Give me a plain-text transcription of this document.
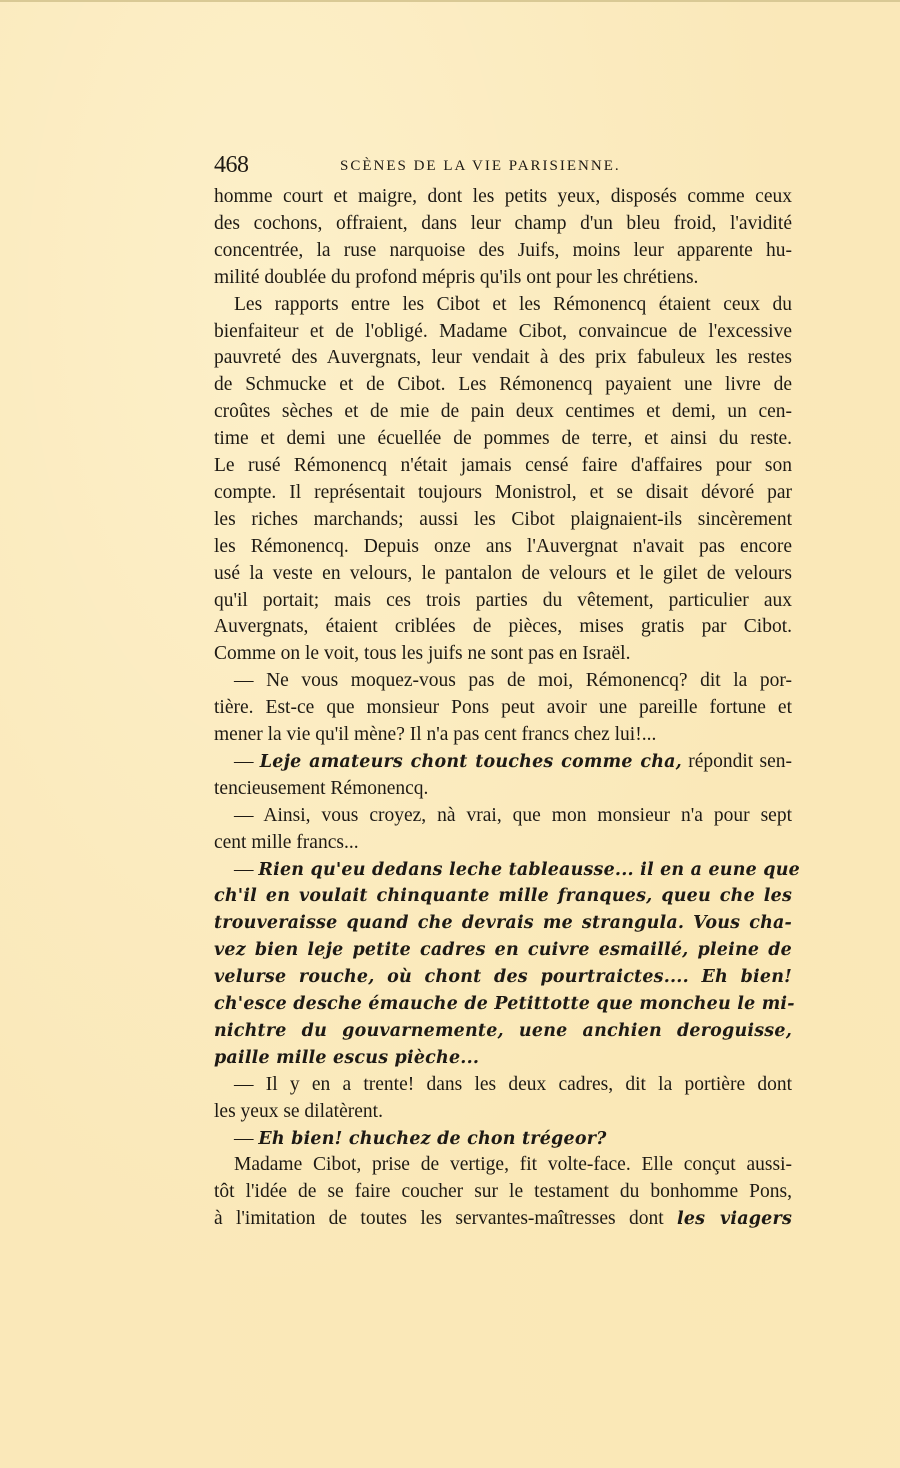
468	SCÈNES DE LA VIE PARISIENNE.
homme court et maigre, dont les petits yeux, disposés comme ceux
des cochons, offraient, dans leur champ d'un bleu froid, l'avidité
concentrée, la ruse narquoise des Juifs, moins leur apparente hu-
milité doublée du profond mépris qu'ils ont pour les chrétiens.
Les rapports entre les Cibot et les Rémonencq étaient ceux du
bienfaiteur et de l'obligé. Madame Cibot, convaincue de l'excessive
pauvreté des Auvergnats, leur vendait à des prix fabuleux les restes
de Schmucke et de Cibot. Les Rémonencq payaient une livre de
croûtes sèches et de mie de pain deux centimes et demi, un cen-
time et demi une écuellée de pommes de terre, et ainsi du reste.
Le rusé Rémonencq n'était jamais censé faire d'affaires pour son
compte. Il représentait toujours Monistrol, et se disait dévoré par
les riches marchands; aussi les Cibot plaignaient-ils sincèrement
les Rémonencq. Depuis onze ans l'Auvergnat n'avait pas encore
usé la veste en velours, le pantalon de velours et le gilet de velours
qu'il portait; mais ces trois parties du vêtement, particulier aux
Auvergnats, étaient criblées de pièces, mises gratis par Cibot.
Comme on le voit, tous les juifs ne sont pas en Israël.
— Ne vous moquez-vous pas de moi, Rémonencq? dit la por-
tière. Est-ce que monsieur Pons peut avoir une pareille fortune et
mener la vie qu'il mène? Il n'a pas cent francs chez lui!...
— Leje amateurs chont touches comme cha, répondit sen-
tencieusement Rémonencq.
— Ainsi, vous croyez, nà vrai, que mon monsieur n'a pour sept
cent mille francs...
— Rien qu'eu dedans leche tableausse... il en a eune que
ch'il en voulait chinquante mille franques, queu che les
trouveraisse quand che devrais me strangula. Vous cha-
vez bien leje petite cadres en cuivre esmaillé, pleine de
velurse rouche, où chont des pourtraictes.... Eh bien!
ch'esce desche émauche de Petittotte que moncheu le mi-
nichtre du gouvarnemente, uene anchien deroguisse,
paille mille escus pièche...
— Il y en a trente! dans les deux cadres, dit la portière dont
les yeux se dilatèrent.
— Eh bien! chuchez de chon trégeor?
Madame Cibot, prise de vertige, fit volte-face. Elle conçut aussi-
tôt l'idée de se faire coucher sur le testament du bonhomme Pons,
à l'imitation de toutes les servantes-maîtresses dont les viagers
